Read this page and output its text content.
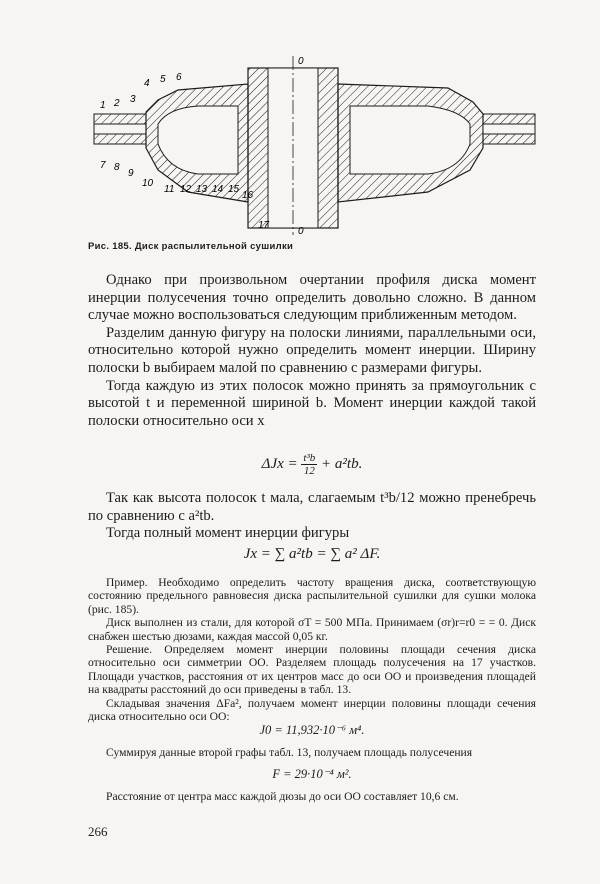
0
0
1 2 3
4 5 6
7 8
9
10
11 12 13 14 15
16
17
Рис. 185. Диск распылительной сушилки

Однако при произвольном очертании профиля диска момент инерции полусечения точно определить довольно сложно. В данном случае можно воспользоваться следующим приближенным методом.

Разделим данную фигуру на полоски линиями, параллельными оси, относительно которой нужно определить момент инерции. Ширину полоски b выбираем малой по сравнению с размерами фигуры.

Тогда каждую из этих полосок можно принять за прямоугольник с высотой t и переменной шириной b. Момент инерции каждой такой полоски относительно оси x

$\Delta Jx = \frac{\text{t³b}}{12} + a^2tb$.

Так как высота полосок t мала, слагаемым t³b/12 можно пренебречь по сравнению с a²tb.

Тогда полный момент инерции фигуры

Jx = ∑ a²tb = ∑ a² ΔF.

Пример. Необходимо определить частоту вращения диска, соответствующую состоянию предельного равновесия диска распылительной сушилки для сушки молока (рис. 185).

Диск выполнен из стали, для которой σT = 500 МПа. Принимаем (σr)r=r0 = = 0. Диск снабжен шестью дюзами, каждая массой 0,05 кг.

Решение. Определяем момент инерции половины площади сечения диска относительно оси симметрии OO. Разделяем площадь полусечения на 17 участков. Площади участков, расстояния от их центров масс до оси OO и произведения площадей на квадраты расстояний до оси приведены в табл. 13.

Складывая значения ΔFa², получаем момент инерции половины площади сечения диска относительно оси OO:

J0 = 11,932·10⁻⁶ м⁴.

Суммируя данные второй графы табл. 13, получаем площадь полусечения

F = 29·10⁻⁴ м².

Расстояние от центра масс каждой дюзы до оси OO составляет 10,6 см.

266
